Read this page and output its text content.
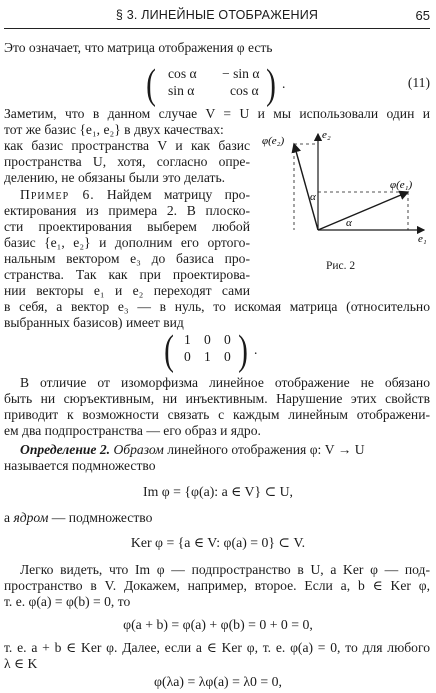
§ 3. ЛИНЕЙНЫЕ ОТОБРАЖЕНИЯ	65
Это означает, что матрица отображения φ есть
( cos α − sin α
sin α	cos α ) .	(11)
Заметим, что в данном случае V = U и мы использовали один и
тот же базис {e₁, e₂} в двух качествах:
как базис пространства V и как базис
пространства U, хотя, согласно опре-
делению, не обязаны были это делать.
Пример 6. Найдем матрицу про-
ектирования из примера 2. В плоско-
сти проектирования выберем любой
базис {e₁, e₂} и дополним его ортого-
нальным вектором e₃ до базиса про-
странства. Так как при проектирова-
нии векторы e₁ и e₂ переходят сами
в себя, а вектор e₃ — в нуль, то искомая матрица (относительно
выбранных базисов) имеет вид
φ(e₂)	e₂
φ(e₁)
e₁
α
α
Рис. 2
( 1 0 0
0 1 0 ) .
В отличие от изоморфизма линейное отображение не обязано
быть ни сюръективным, ни инъективным. Нарушение этих свойств
приводит к возможности связать с каждым линейным отображени-
ем два подпространства — его образ и ядро.
Определение 2. Образом линейного отображения φ: V → U
называется подмножество
Im φ = {φ(a): a ∈ V} ⊂ U,
а ядром — подмножество
Ker φ = {a ∈ V: φ(a) = 0} ⊂ V.
Легко видеть, что Im φ — подпространство в U, а Ker φ — под-
пространство в V. Докажем, например, второе. Если a, b ∈ Ker φ,
т. е. φ(a) = φ(b) = 0, то
φ(a + b) = φ(a) + φ(b) = 0 + 0 = 0,
т. е. a + b ∈ Ker φ. Далее, если a ∈ Ker φ, т. е. φ(a) = 0, то для любого
λ ∈ K
φ(λa) = λφ(a) = λ0 = 0,
